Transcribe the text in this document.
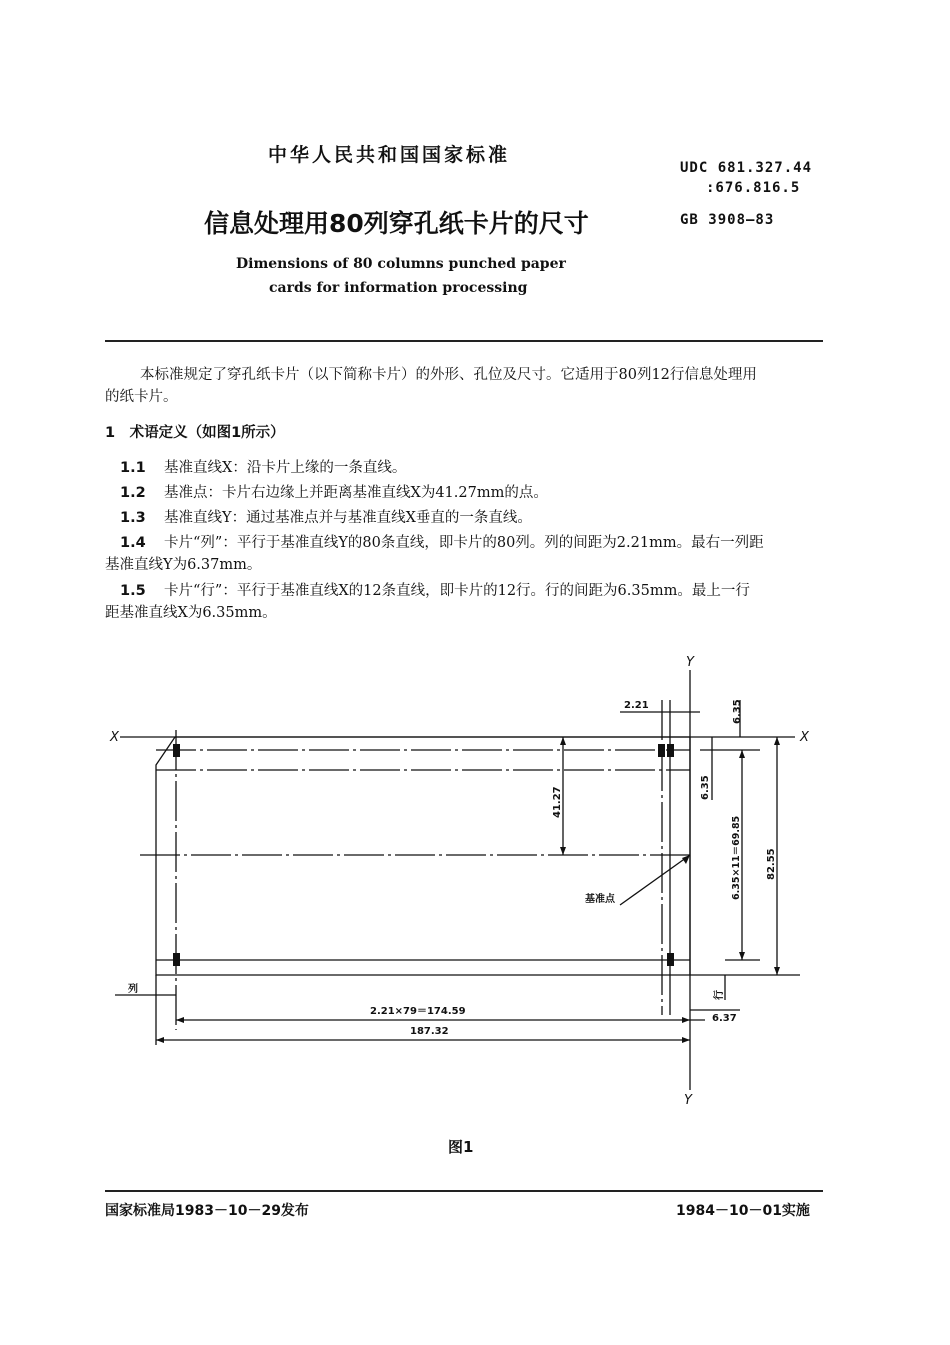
中华人民共和国国家标准
UDC 681.327.44
:676.816.5
GB 3908—83
信息处理用80列穿孔纸卡片的尺寸
Dimensions of 80 columns punched paper
cards for information processing
本标准规定了穿孔纸卡片（以下简称卡片）的外形、孔位及尺寸。它适用于80列12行信息处理用
的纸卡片。
1　术语定义（如图1所示）
1.1 基准直线X：沿卡片上缘的一条直线。
1.2 基准点：卡片右边缘上并距离基准直线X为41.27mm的点。
1.3 基准直线Y：通过基准点并与基准直线X垂直的一条直线。
1.4 卡片“列”：平行于基准直线Y的80条直线，即卡片的80列。列的间距为2.21mm。最右一列距
基准直线Y为6.37mm。
1.5 卡片“行”：平行于基准直线X的12条直线，即卡片的12行。行的间距为6.35mm。最上一行
距基准直线X为6.35mm。
X	X
Y
Y
2.21	6.35
6.35
41.27
6.35×11＝69.85 82.55
2.21×79＝174.59
6.37
187.32
基准点
列	行
图1
国家标准局1983－10－29发布	1984－10－01实施
